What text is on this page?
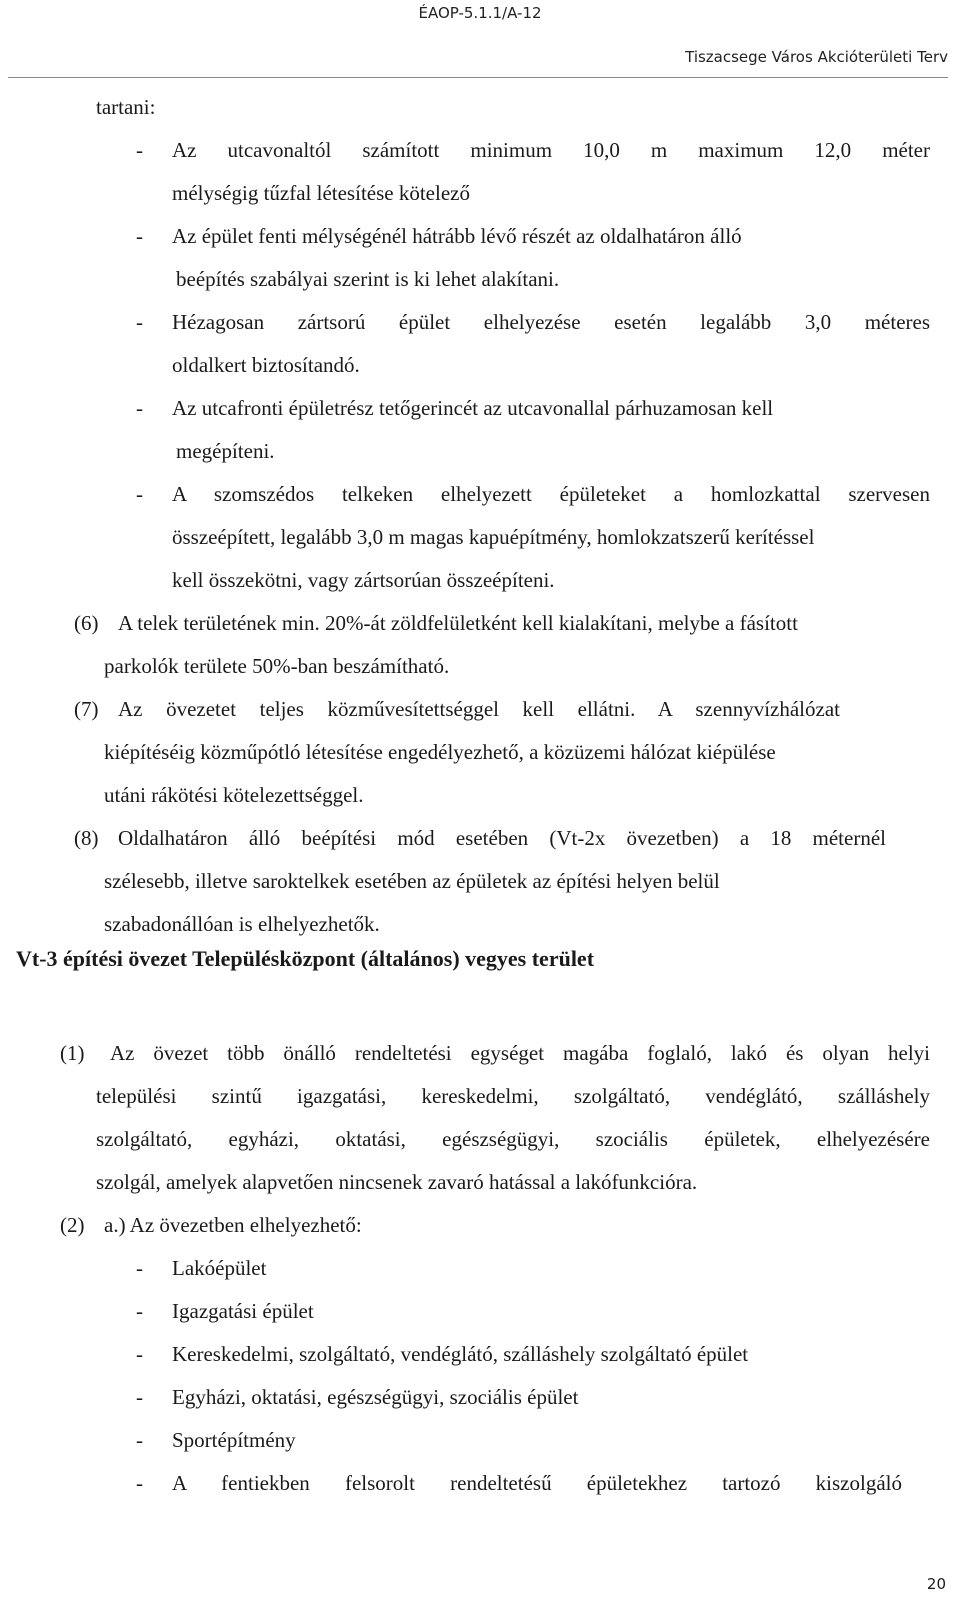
ÉAOP-5.1.1/A-12
Tiszacsege Város Akcióterületi Terv
tartani:
- Az utcavonaltól számított minimum 10,0 m maximum 12,0 méter
mélységig tűzfal létesítése kötelező
- Az épület fenti mélységénél hátrább lévő részét az oldalhatáron álló
beépítés szabályai szerint is ki lehet alakítani.
- Hézagosan zártsorú épület elhelyezése esetén legalább 3,0 méteres
oldalkert biztosítandó.
- Az utcafronti épületrész tetőgerincét az utcavonallal párhuzamosan kell
megépíteni.
- A szomszédos telkeken elhelyezett épületeket a homlozkattal szervesen
összeépített, legalább 3,0 m magas kapuépítmény, homlokzatszerű kerítéssel
kell összekötni, vagy zártsorúan összeépíteni.
(6) A telek területének min. 20%-át zöldfelületként kell kialakítani, melybe a fásított
parkolók területe 50%-ban beszámítható.
(7) Az övezetet teljes közművesítettséggel kell ellátni. A szennyvízhálózat
kiépítéséig közműpótló létesítése engedélyezhető, a közüzemi hálózat kiépülése
utáni rákötési kötelezettséggel.
(8) Oldalhatáron álló beépítési mód esetében (Vt-2x övezetben) a 18 méternél
szélesebb, illetve saroktelkek esetében az épületek az építési helyen belül
szabadonállóan is elhelyezhetők.
Vt-3 építési övezet Településközpont (általános) vegyes terület
(1) Az övezet több önálló rendeltetési egységet magába foglaló, lakó és olyan helyi
települési szintű igazgatási, kereskedelmi, szolgáltató, vendéglátó, szálláshely
szolgáltató, egyházi, oktatási, egészségügyi, szociális épületek, elhelyezésére
szolgál, amelyek alapvetően nincsenek zavaró hatással a lakófunkcióra.
(2) a.) Az övezetben elhelyezhető:
- Lakóépület
- Igazgatási épület
- Kereskedelmi, szolgáltató, vendéglátó, szálláshely szolgáltató épület
- Egyházi, oktatási, egészségügyi, szociális épület
- Sportépítmény
- A fentiekben felsorolt rendeltetésű épületekhez tartozó kiszolgáló
20
